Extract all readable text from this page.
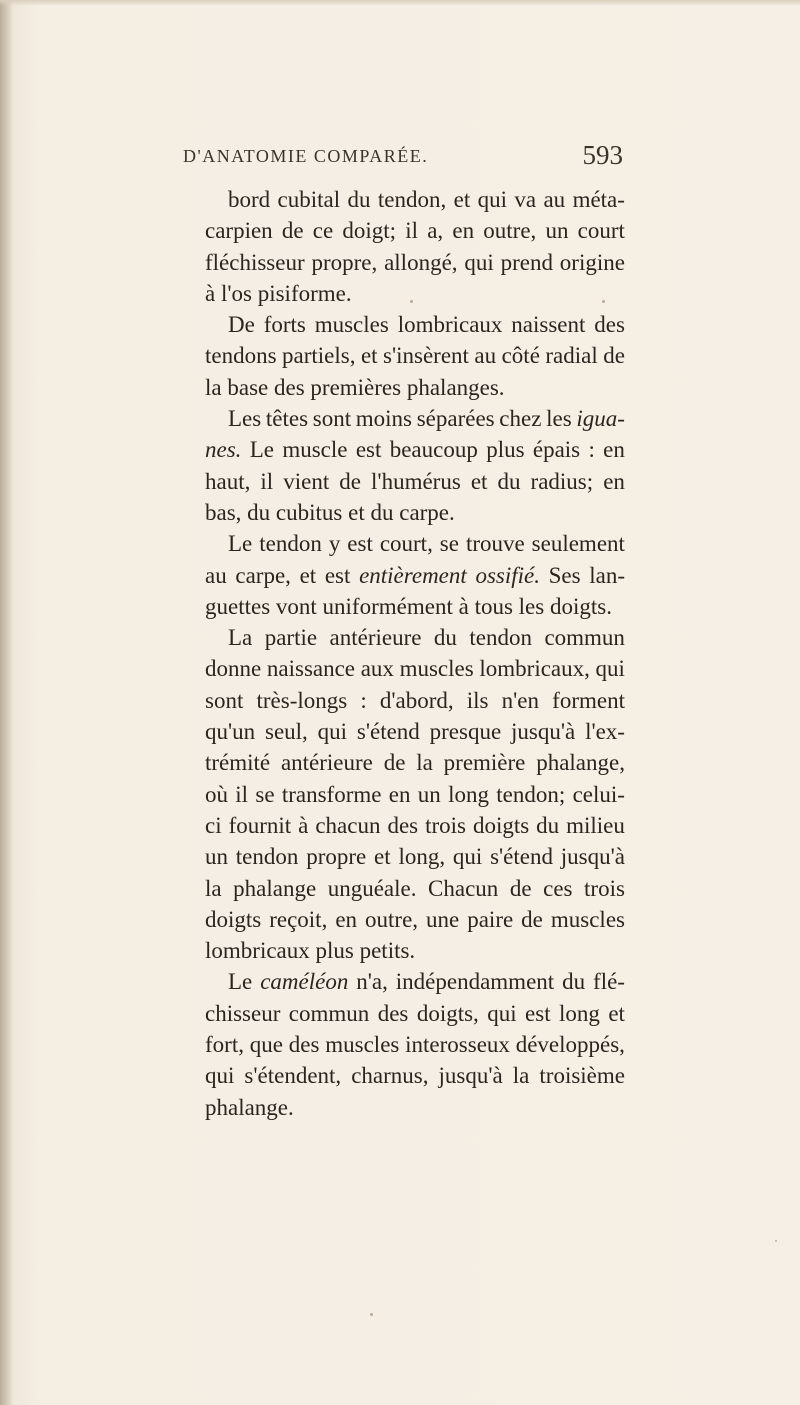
D'ANATOMIE COMPARÉE.	593
bord cubital du tendon, et qui va au méta-
carpien de ce doigt; il a, en outre, un court
fléchisseur propre, allongé, qui prend origine
à
l'os
pisiforme.
De forts muscles lombricaux naissent des
tendons partiels, et s'insèrent au côté radial de
la
base
des
premières
phalanges.
Les têtes sont moins séparées chez les igua-
nes. Le muscle est beaucoup plus épais : en
haut, il vient de l'humérus et du radius; en
bas,
du
cubitus
et
du
carpe.
Le tendon y est court, se trouve seulement
au carpe, et est entièrement ossifié. Ses lan-
guettes
vont
uniformément
à
tous
les
doigts.
La partie antérieure du tendon commun
donne naissance aux muscles lombricaux, qui
sont très-longs : d'abord, ils n'en forment
qu'un seul, qui s'étend presque jusqu'à l'ex-
trémité antérieure de la première phalange,
où il se transforme en un long tendon; celui-
ci fournit à chacun des trois doigts du milieu
un tendon propre et long, qui s'étend jusqu'à
la phalange unguéale. Chacun de ces trois
doigts reçoit, en outre, une paire de muscles
lombricaux
plus
petits.
Le caméléon n'a, indépendamment du flé-
chisseur commun des doigts, qui est long et
fort, que des muscles interosseux développés,
qui s'étendent, charnus, jusqu'à la troisième
phalange.
